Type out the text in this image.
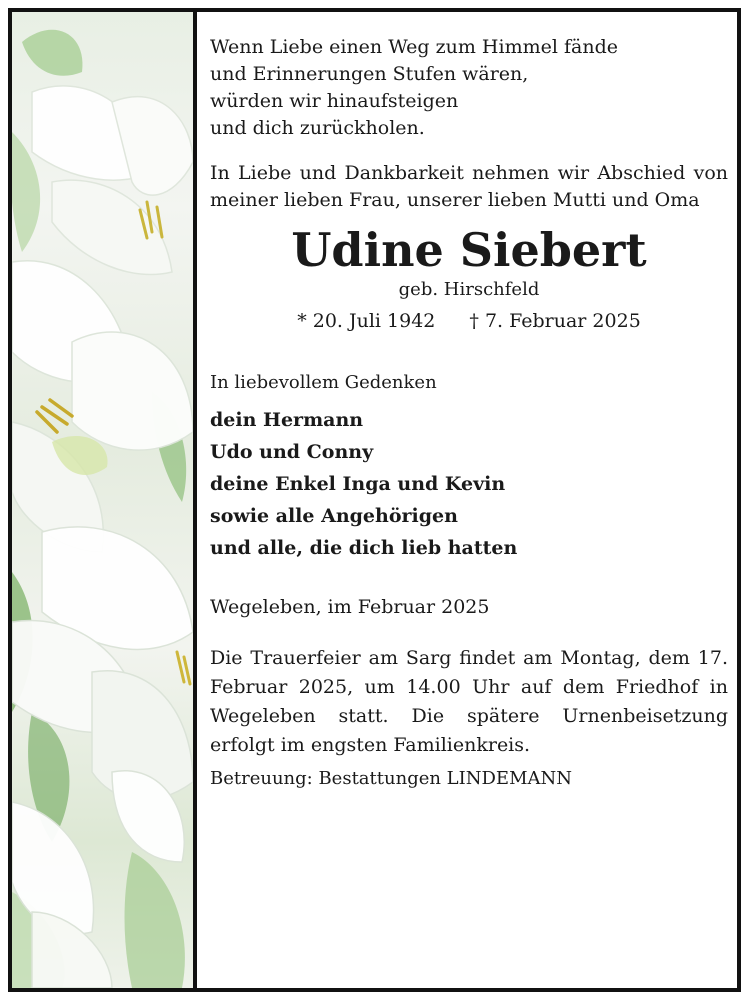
Wenn Liebe einen Weg zum Himmel fände
und Erinnerungen Stufen wären,
würden wir hinaufsteigen
und dich zurückholen.
In Liebe und Dankbarkeit nehmen wir Abschied von meiner lieben Frau, unserer lieben Mutti und Oma
Udine Siebert
geb. Hirschfeld
* 20. Juli 1942 † 7. Februar 2025
In liebevollem Gedenken
dein Hermann
Udo und Conny
deine Enkel Inga und Kevin
sowie alle Angehörigen
und alle, die dich lieb hatten
Wegeleben, im Februar 2025
Die Trauerfeier am Sarg findet am Montag, dem 17. Februar 2025, um 14.00 Uhr auf dem Friedhof in Wegeleben statt. Die spätere Urnenbeisetzung erfolgt im engsten Familienkreis.
Betreuung: Bestattungen LINDEMANN
